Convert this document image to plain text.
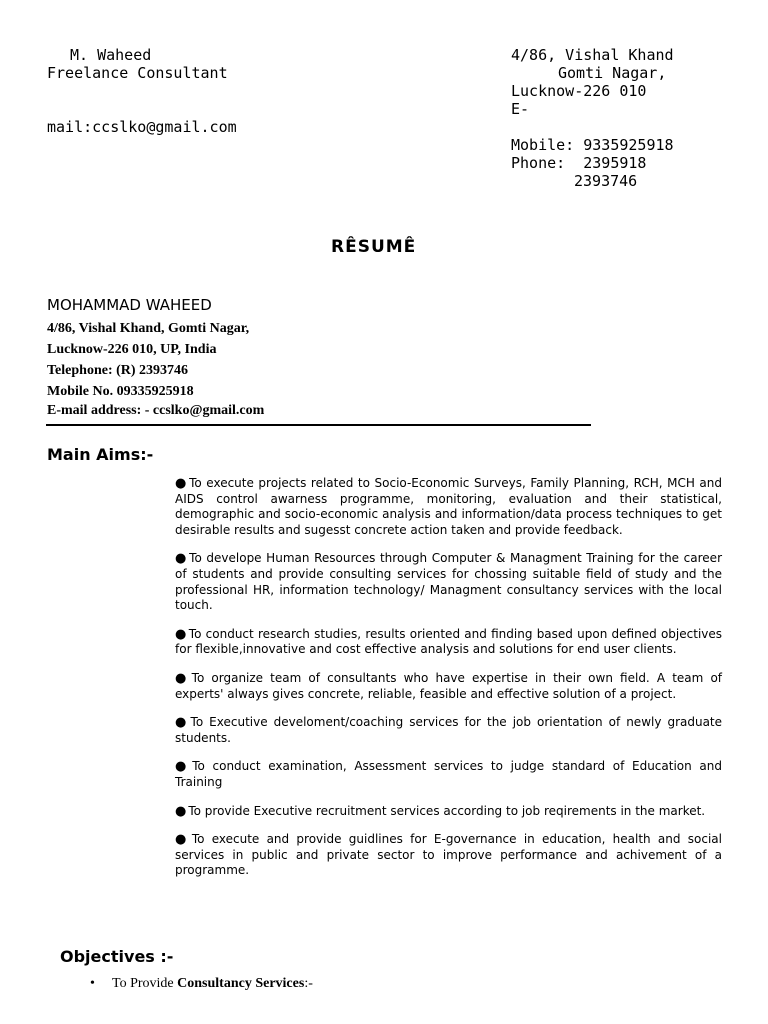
M. Waheed
Freelance Consultant
mail:ccslko@gmail.com
4/86, Vishal Khand
Gomti Nagar,
Lucknow-226 010
E-
Mobile: 9335925918
Phone:  2395918
2393746
RÊSUMÊ
MOHAMMAD WAHEED
4/86, Vishal Khand, Gomti Nagar,
Lucknow-226 010, UP, India
Telephone: (R) 2393746
Mobile No. 09335925918
E-mail address: - ccslko@gmail.com
Main Aims:-
● To execute projects related to Socio-Economic Surveys, Family Planning, RCH, MCH and AIDS control awarness programme, monitoring, evaluation and their statistical, demographic and socio-economic analysis and information/data process techniques to get desirable results and sugesst concrete action taken and provide feedback.
● To develope Human Resources through Computer & Managment Training for the career of students and provide consulting services for chossing suitable field of study and the professional HR, information technology/ Managment consultancy services with the local touch.
● To conduct research studies, results oriented and finding based upon defined objectives for flexible,innovative and cost effective analysis and solutions for end user clients.
● To organize team of consultants who have expertise in their own field. A team of experts' always gives concrete, reliable, feasible and effective solution of a project.
● To Executive develoment/coaching services for the job orientation of newly graduate students.
● To conduct examination, Assessment services to judge standard of Education and Training
● To provide Executive recruitment services according to job reqirements in the market.
● To execute and provide guidlines for E-governance in education, health and social services in public and private sector to improve performance and achivement of a programme.
Objectives :-
• To Provide Consultancy Services:-
